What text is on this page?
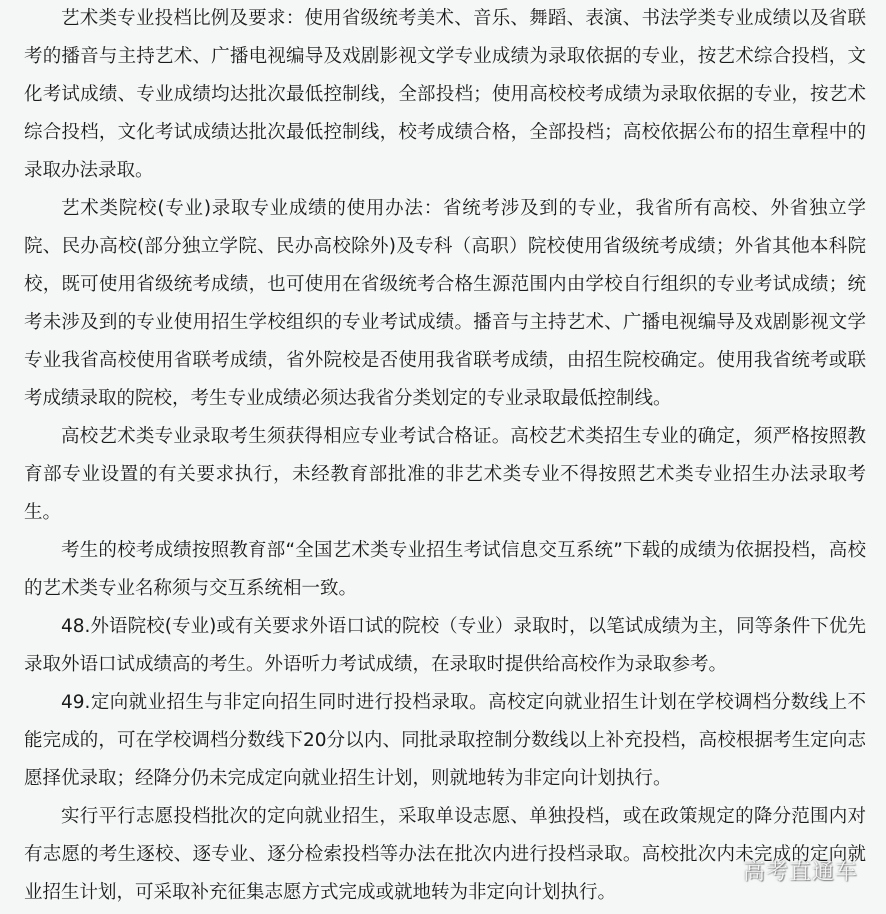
艺术类专业投档比例及要求：使用省级统考美术、音乐、舞蹈、表演、书法学类专业成绩以及省联考的播音与主持艺术、广播电视编导及戏剧影视文学专业成绩为录取依据的专业，按艺术综合投档，文化考试成绩、专业成绩均达批次最低控制线，全部投档；使用高校校考成绩为录取依据的专业，按艺术综合投档，文化考试成绩达批次最低控制线，校考成绩合格，全部投档；高校依据公布的招生章程中的录取办法录取。

艺术类院校(专业)录取专业成绩的使用办法：省统考涉及到的专业，我省所有高校、外省独立学院、民办高校(部分独立学院、民办高校除外)及专科（高职）院校使用省级统考成绩；外省其他本科院校，既可使用省级统考成绩，也可使用在省级统考合格生源范围内由学校自行组织的专业考试成绩；统考未涉及到的专业使用招生学校组织的专业考试成绩。播音与主持艺术、广播电视编导及戏剧影视文学专业我省高校使用省联考成绩，省外院校是否使用我省联考成绩，由招生院校确定。使用我省统考或联考成绩录取的院校，考生专业成绩必须达我省分类划定的专业录取最低控制线。

高校艺术类专业录取考生须获得相应专业考试合格证。高校艺术类招生专业的确定，须严格按照教育部专业设置的有关要求执行，未经教育部批准的非艺术类专业不得按照艺术类专业招生办法录取考生。

考生的校考成绩按照教育部“全国艺术类专业招生考试信息交互系统”下载的成绩为依据投档，高校的艺术类专业名称须与交互系统相一致。

48.外语院校(专业)或有关要求外语口试的院校（专业）录取时，以笔试成绩为主，同等条件下优先录取外语口试成绩高的考生。外语听力考试成绩，在录取时提供给高校作为录取参考。

49.定向就业招生与非定向招生同时进行投档录取。高校定向就业招生计划在学校调档分数线上不能完成的，可在学校调档分数线下20分以内、同批录取控制分数线以上补充投档，高校根据考生定向志愿择优录取；经降分仍未完成定向就业招生计划，则就地转为非定向计划执行。

实行平行志愿投档批次的定向就业招生，采取单设志愿、单独投档，或在政策规定的降分范围内对有志愿的考生逐校、逐专业、逐分检索投档等办法在批次内进行投档录取。高校批次内未完成的定向就业招生计划，可采取补充征集志愿方式完成或就地转为非定向计划执行。

高考直通车
